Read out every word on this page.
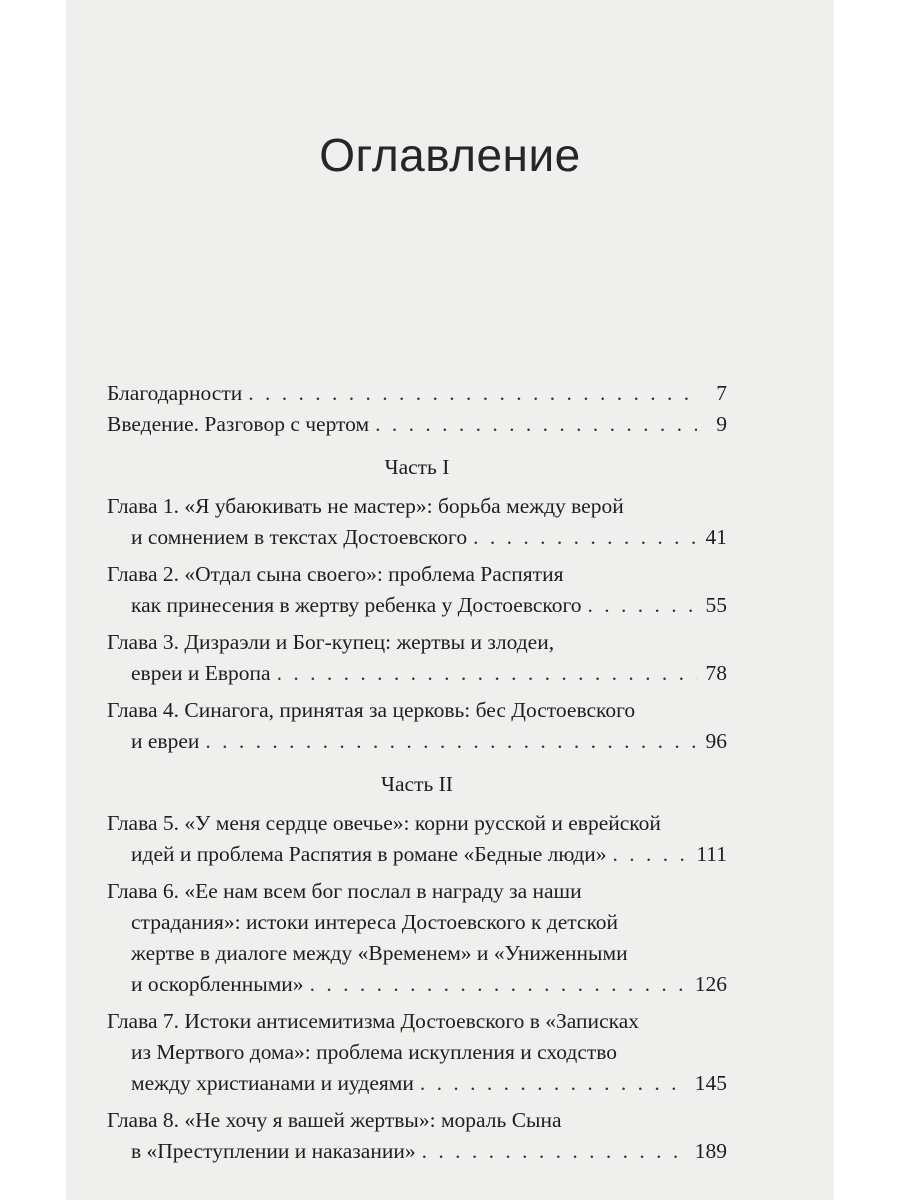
Оглавление
Благодарности . . .	7
Введение. Разговор с чертом . . .	9
Часть I
Глава 1. «Я убаюкивать не мастер»: борьба между верой
и сомнением в текстах Достоевского . . .	41
Глава 2. «Отдал сына своего»: проблема Распятия
как принесения в жертву ребенка у Достоевского . . .	55
Глава 3. Дизраэли и Бог-купец: жертвы и злодеи,
евреи и Европа . . .	78
Глава 4. Синагога, принятая за церковь: бес Достоевского
и евреи . . .	96
Часть II
Глава 5. «У меня сердце овечье»: корни русской и еврейской
идей и проблема Распятия в романе «Бедные люди» . . .	111
Глава 6. «Ее нам всем бог послал в награду за наши
страдания»: истоки интереса Достоевского к детской
жертве в диалоге между «Временем» и «Униженными
и оскорбленными» . . .	126
Глава 7. Истоки антисемитизма Достоевского в «Записках
из Мертвого дома»: проблема искупления и сходство
между христианами и иудеями . . .	145
Глава 8. «Не хочу я вашей жертвы»: мораль Сына
в «Преступлении и наказании» . . .	189
